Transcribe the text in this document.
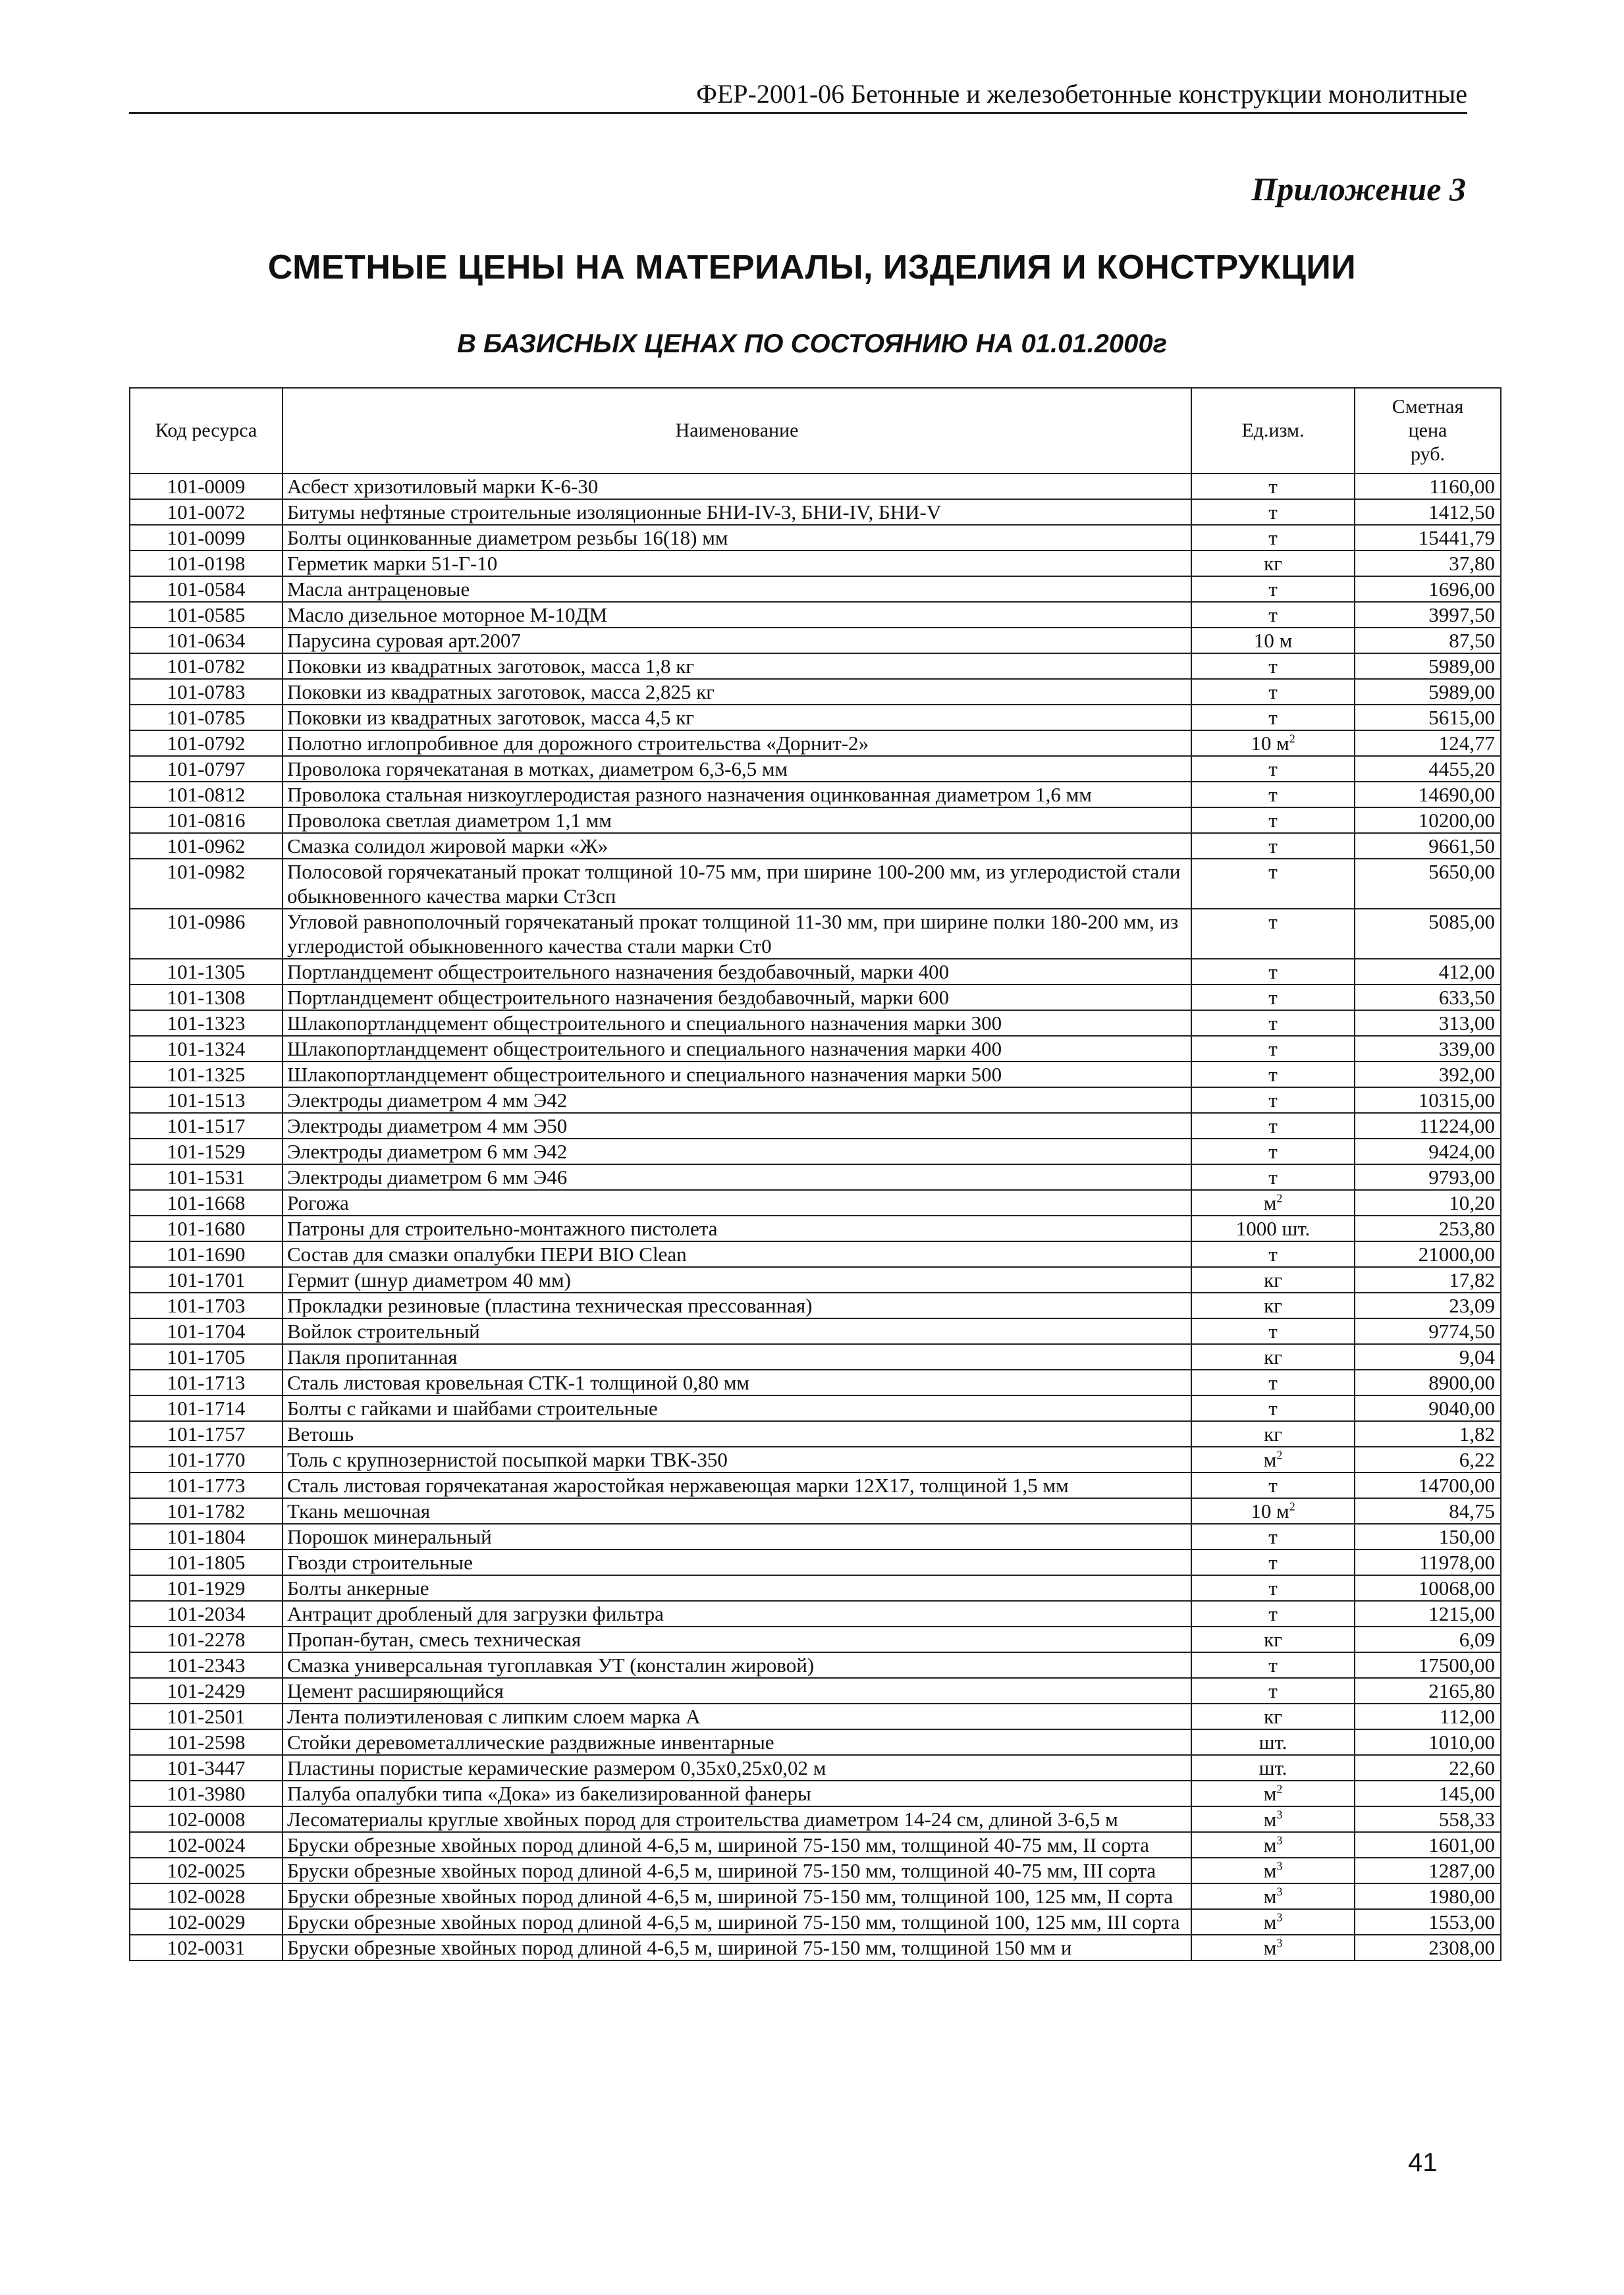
ФЕР-2001-06 Бетонные и железобетонные конструкции монолитные
Приложение 3
СМЕТНЫЕ ЦЕНЫ НА МАТЕРИАЛЫ, ИЗДЕЛИЯ И КОНСТРУКЦИИ
В БАЗИСНЫХ ЦЕНАХ ПО СОСТОЯНИЮ НА 01.01.2000г
Код ресурса	Наименование	Ед.изм.	Сметная
цена
руб.

101-0009	Асбест хризотиловый марки К-6-30	т	1160,00
101-0072	Битумы нефтяные строительные изоляционные БНИ-IV-3, БНИ-IV, БНИ-V	т	1412,50
101-0099	Болты оцинкованные диаметром резьбы 16(18) мм	т	15441,79
101-0198	Герметик марки 51-Г-10	кг	37,80
101-0584	Масла антраценовые	т	1696,00
101-0585	Масло дизельное моторное М-10ДМ	т	3997,50
101-0634	Парусина суровая арт.2007	10 м	87,50
101-0782	Поковки из квадратных заготовок, масса 1,8 кг	т	5989,00
101-0783	Поковки из квадратных заготовок, масса 2,825 кг	т	5989,00
101-0785	Поковки из квадратных заготовок, масса 4,5 кг	т	5615,00
101-0792	Полотно иглопробивное для дорожного строительства «Дорнит-2»	10 $м^2$	124,77
101-0797	Проволока горячекатаная в мотках, диаметром 6,3-6,5 мм	т	4455,20
101-0812	Проволока стальная низкоуглеродистая разного назначения оцинкованная диаметром 1,6 мм	т	14690,00
101-0816	Проволока светлая диаметром 1,1 мм	т	10200,00
101-0962	Смазка солидол жировой марки «Ж»	т	9661,50
101-0982	Полосовой горячекатаный прокат толщиной 10-75 мм, при ширине 100-200 мм, из углеродистой стали обыкновенного качества марки Ст3сп	т	5650,00
101-0986	Угловой равнополочный горячекатаный прокат толщиной 11-30 мм, при ширине полки 180-200 мм, из углеродистой обыкновенного качества стали марки Ст0	т	5085,00
101-1305	Портландцемент общестроительного назначения бездобавочный, марки 400	т	412,00
101-1308	Портландцемент общестроительного назначения бездобавочный, марки 600	т	633,50
101-1323	Шлакопортландцемент общестроительного и специального назначения марки 300	т	313,00
101-1324	Шлакопортландцемент общестроительного и специального назначения марки 400	т	339,00
101-1325	Шлакопортландцемент общестроительного и специального назначения марки 500	т	392,00
101-1513	Электроды диаметром 4 мм Э42	т	10315,00
101-1517	Электроды диаметром 4 мм Э50	т	11224,00
101-1529	Электроды диаметром 6 мм Э42	т	9424,00
101-1531	Электроды диаметром 6 мм Э46	т	9793,00
101-1668	Рогожа	$м^2$	10,20
101-1680	Патроны для строительно-монтажного пистолета	1000 шт.	253,80
101-1690	Состав для смазки опалубки ПЕРИ BIO Clean	т	21000,00
101-1701	Гермит (шнур диаметром 40 мм)	кг	17,82
101-1703	Прокладки резиновые (пластина техническая прессованная)	кг	23,09
101-1704	Войлок строительный	т	9774,50
101-1705	Пакля пропитанная	кг	9,04
101-1713	Сталь листовая кровельная СТК-1 толщиной 0,80 мм	т	8900,00
101-1714	Болты с гайками и шайбами строительные	т	9040,00
101-1757	Ветошь	кг	1,82
101-1770	Толь с крупнозернистой посыпкой марки ТВК-350	$м^2$	6,22
101-1773	Сталь листовая горячекатаная жаростойкая нержавеющая марки 12Х17, толщиной 1,5 мм	т	14700,00
101-1782	Ткань мешочная	10 $м^2$	84,75
101-1804	Порошок минеральный	т	150,00
101-1805	Гвозди строительные	т	11978,00
101-1929	Болты анкерные	т	10068,00
101-2034	Антрацит дробленый для загрузки фильтра	т	1215,00
101-2278	Пропан-бутан, смесь техническая	кг	6,09
101-2343	Смазка универсальная тугоплавкая УТ (консталин жировой)	т	17500,00
101-2429	Цемент расширяющийся	т	2165,80
101-2501	Лента полиэтиленовая с липким слоем марка А	кг	112,00
101-2598	Стойки деревометаллические раздвижные инвентарные	шт.	1010,00
101-3447	Пластины пористые керамические размером 0,35х0,25х0,02 м	шт.	22,60
101-3980	Палуба опалубки типа «Дока» из бакелизированной фанеры	$м^2$	145,00
102-0008	Лесоматериалы круглые хвойных пород для строительства диаметром 14-24 см, длиной 3-6,5 м	$м^3$	558,33
102-0024	Бруски обрезные хвойных пород длиной 4-6,5 м, шириной 75-150 мм, толщиной 40-75 мм, II сорта	$м^3$	1601,00
102-0025	Бруски обрезные хвойных пород длиной 4-6,5 м, шириной 75-150 мм, толщиной 40-75 мм, III сорта	$м^3$	1287,00
102-0028	Бруски обрезные хвойных пород длиной 4-6,5 м, шириной 75-150 мм, толщиной 100, 125 мм, II сорта	$м^3$	1980,00
102-0029	Бруски обрезные хвойных пород длиной 4-6,5 м, шириной 75-150 мм, толщиной 100, 125 мм, III сорта	$м^3$	1553,00
102-0031	Бруски обрезные хвойных пород длиной 4-6,5 м, шириной 75-150 мм, толщиной 150 мм и	$м^3$	2308,00
41
